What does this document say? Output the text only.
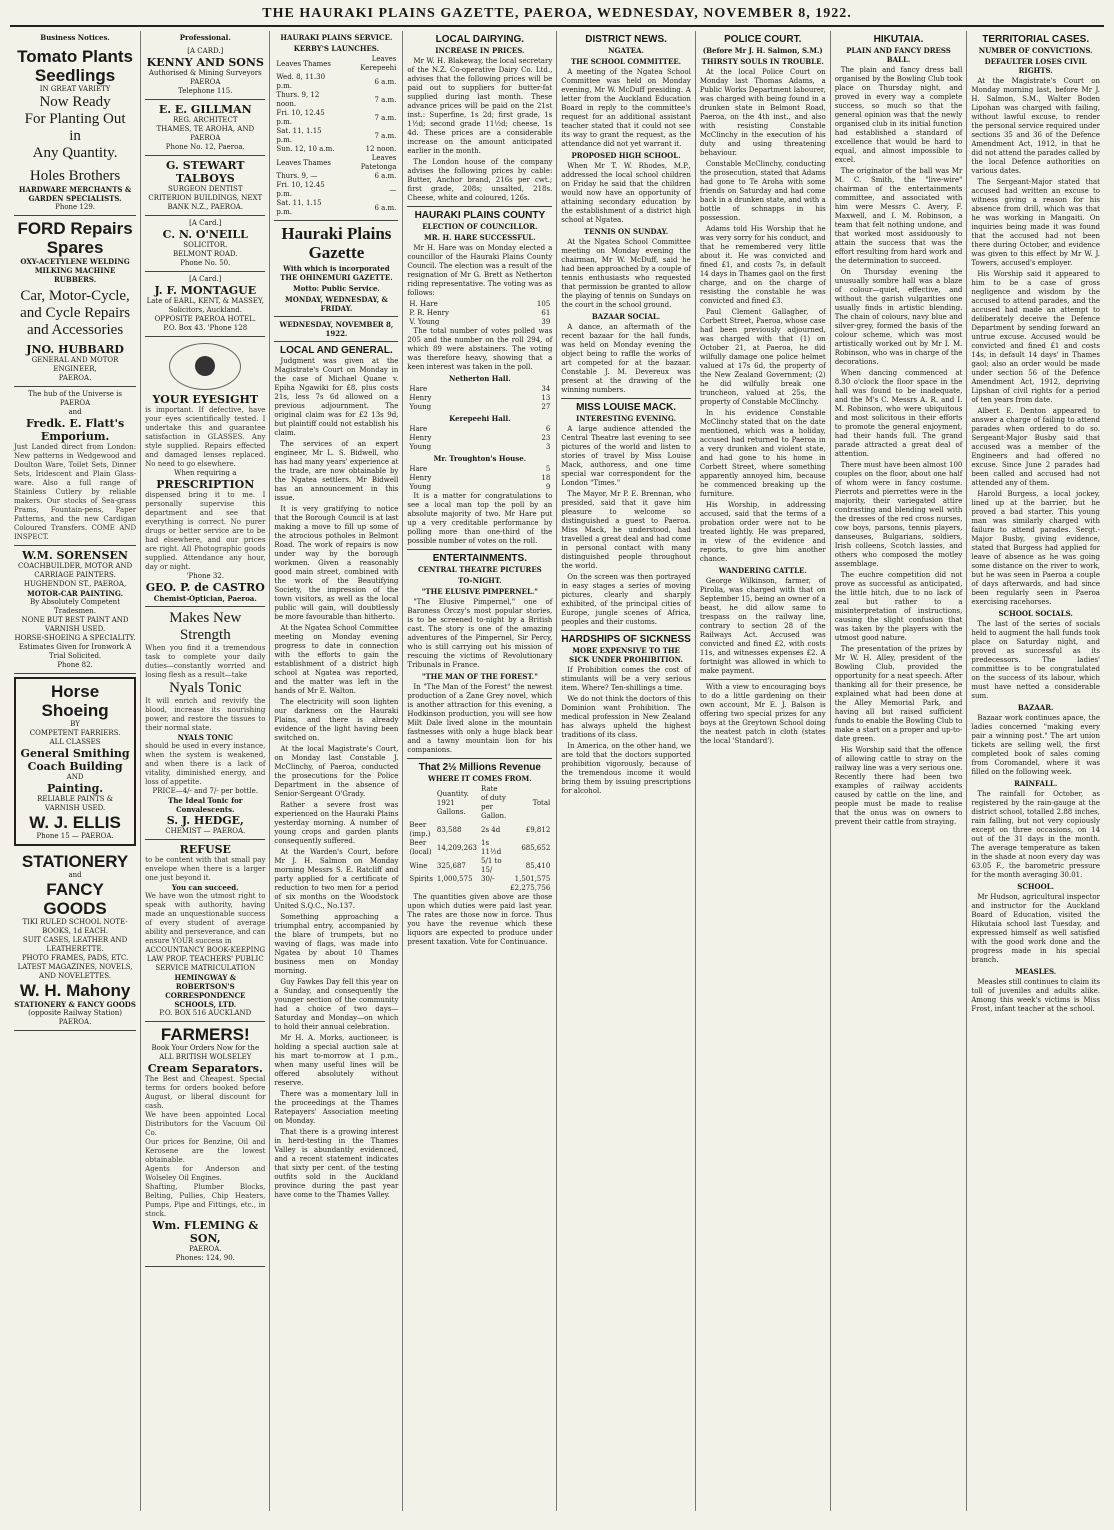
THE HAURAKI PLAINS GAZETTE, PAEROA, WEDNESDAY, NOVEMBER 8, 1922.
Business Notices.
Tomato Plants
Seedlings
IN GREAT VARIETY
Now Ready
For Planting Out
in
Any Quantity.
Holes Brothers
HARDWARE MERCHANTS & GARDEN SPECIALISTS.
Phone 129.
FORD Repairs
Spares
OXY-ACETYLENE WELDING
MILKING MACHINE RUBBERS.
Car, Motor-Cycle, and Cycle Repairs and Accessories
JNO. HUBBARD
GENERAL AND MOTOR ENGINEER,
PAEROA.
The hub of the Universe is
PAEROA
and
Fredk. E. Flatt's
Emporium.
Just Landed direct from London: New patterns in Wedgewood and Doulton Ware, Toilet Sets, Dinner Sets, Iridescent and Plain Glass-ware. Also a full range of Stainless Cutlery by reliable makers. Our stocks of Sea-grass Prams, Fountain-pens, Paper Patterns, and the new Cardigan Coloured Transfers. COME AND INSPECT.
W.M. SORENSEN
COACHBUILDER, MOTOR AND CARRIAGE PAINTERS.
HUGHENDON ST., PAEROA,
MOTOR-CAR PAINTING.
By Absolutely Competent Tradesmen.
NONE BUT BEST PAINT AND VARNISH USED.
HORSE-SHOEING A SPECIALITY.
Estimates Given for Ironwork A Trial Solicited.
Phone 82.
Horse Shoeing
BY
COMPETENT FARRIERS.
ALL CLASSES
General Smithing
Coach Building
AND
Painting.
RELIABLE PAINTS & VARNISH USED.
W. J. ELLIS
Phone 15 — PAEROA.
STATIONERY
and
FANCY GOODS
TIKI RULED SCHOOL NOTE-BOOKS, 1d EACH.
SUIT CASES, LEATHER AND LEATHERETTE.
PHOTO FRAMES, PADS, ETC.
LATEST MAGAZINES, NOVELS, AND NOVELETTES.
W. H. Mahony
STATIONERY & FANCY GOODS
(opposite Railway Station)
PAEROA.
Professional.
[A CARD.]
KENNY AND SONS
Authorised & Mining Surveyors
PAEROA
Telephone 115.
E. E. GILLMAN
REG. ARCHITECT
THAMES, TE AROHA, AND PAEROA
Phone No. 12, Paeroa.
G. STEWART TALBOYS
SURGEON DENTIST
CRITERION BUILDINGS, NEXT BANK N.Z., PAEROA.
[A Card.]
C. N. O'NEILL
SOLICITOR.
BELMONT ROAD.
Phone No. 50.
[A Card.]
J. F. MONTAGUE
Late of EARL, KENT, & MASSEY, Solicitors, Auckland.
OPPOSITE PAEROA HOTEL.
P.O. Box 43. 'Phone 128
YOUR EYESIGHT
is important. If defective, have your eyes scientifically tested. I undertake this and guarantee satisfaction in GLASSES. Any style supplied. Repairs effected and damaged lenses replaced. No need to go elsewhere.
When requiring a
PRESCRIPTION
dispensed bring it to me. I personally supervise this department and see that everything is correct. No purer drugs or better service are to be had elsewhere, and our prices are right. All Photographic goods supplied. Attendance any hour, day or night.
'Phone 32.
GEO. P. de CASTRO
Chemist-Optician, Paeroa.
Makes New
Strength
When you find it a tremendous task to complete your daily duties—constantly worried and losing flesh as a result—take
Nyals Tonic
It will enrich and revivify the blood, increase its nourishing power, and restore the tissues to their normal state.
NYALS TONIC
should be used in every instance, when the system is weakened, and when there is a lack of vitality, diminished energy, and loss of appetite.
PRICE—4/- and 7/- per bottle.
The Ideal Tonic for Convalescents.
S. J. HEDGE,
CHEMIST — PAEROA.
REFUSE
to be content with that small pay envelope when there is a larger one just beyond it.
You can succeed.
We have won the utmost right to speak with authority, having made an unquestionable success of every student of average ability and perseverance, and can ensure YOUR success in
ACCOUNTANCY BOOK-KEEPING LAW PROF. TEACHERS' PUBLIC SERVICE MATRICULATION
HEMINGWAY & ROBERTSON'S CORRESPONDENCE SCHOOLS, LTD.
P.O. BOX 516 AUCKLAND
FARMERS!
Book Your Orders Now for the ALL BRITISH WOLSELEY
Cream Separators.
The Best and Cheapest. Special terms for orders booked before August, or liberal discount for cash.
We have been appointed Local Distributors for the Vacuum Oil Co.
Our prices for Benzine, Oil and Kerosene are the lowest obtainable.
Agents for Anderson and Wolseley Oil Engines.
Shafting, Plumber Blocks, Belting, Pullies, Chip Heaters, Pumps, Pipe and Fittings, etc., in stock.
Wm. FLEMING & SON,
PAEROA.
Phones: 124, 90.
HAURAKI PLAINS SERVICE.
KERBY'S LAUNCHES.
Leaves Thames	Leaves Kerepeehi
Wed. 8, 11.30 p.m.	6 a.m.
Thurs. 9, 12 noon.	7 a.m.
Fri. 10, 12.45 p.m.	7 a.m.
Sat. 11, 1.15 p.m.	7 a.m.
Sun. 12, 10 a.m.	12 noon.
Leaves Thames	Leaves Patetonga
Thurs. 9, —	6 a.m.
Fri. 10, 12.45 p.m.	—
Sat. 11, 1.15 p.m.	6 a.m.
Hauraki Plains Gazette
With which is incorporated THE OHINEMURI GAZETTE.
Motto: Public Service.
MONDAY, WEDNESDAY, & FRIDAY.
WEDNESDAY, NOVEMBER 8, 1922.
LOCAL AND GENERAL.

Judgment was given at the Magistrate's Court on Monday in the case of Michael Quane v. Epiha Ngawiki for £8, plus costs 21s, less 7s 6d allowed on a previous adjournment. The original claim was for £2 13s 9d, but plaintiff could not establish his claim.

The services of an expert engineer, Mr L. S. Bidwell, who has had many years' experience at the trade, are now obtainable by the Ngatea settlers. Mr Bidwell has an announcement in this issue.

It is very gratifying to notice that the Borough Council is at last making a move to fill up some of the atrocious potholes in Belmont Road. The work of repairs is now under way by the borough workmen. Given a reasonably good main street, combined with the work of the Beautifying Society, the impression of the town visitors, as well as the local public will gain, will doubtlessly be more favourable than hitherto.

At the Ngatea School Committee meeting on Monday evening progress to date in connection with the efforts to gain the establishment of a district high school at Ngatea was reported, and the matter was left in the hands of Mr E. Walton.

The electricity will soon lighten our darkness on the Hauraki Plains, and there is already evidence of the light having been switched on.

At the local Magistrate's Court, on Monday last Constable J. McClinchy, of Paeroa, conducted the prosecutions for the Police Department in the absence of Senior-Sergeant O'Grady.

Rather a severe frost was experienced on the Hauraki Plains yesterday morning. A number of young crops and garden plants consequently suffered.

At the Warden's Court, before Mr J. H. Salmon on Monday morning Messrs S. E. Ratcliff and party applied for a certificate of reduction to two men for a period of six months on the Woodstock United S.Q.C., No.137.

Something approaching a triumphal entry, accompanied by the blare of trumpets, but no waving of flags, was made into Ngatea by about 10 Thames business men on Monday morning.

Guy Fawkes Day fell this year on a Sunday, and consequently the younger section of the community had a choice of two days—Saturday and Monday—on which to hold their annual celebration.

Mr H. A. Morks, auctioneer, is holding a special auction sale at his mart to-morrow at 1 p.m., when many useful lines will be offered absolutely without reserve.

There was a momentary lull in the proceedings at the Thames Ratepayers' Association meeting on Monday.

That there is a growing interest in herd-testing in the Thames Valley is abundantly evidenced, and a recent statement indicates that sixty per cent. of the testing outfits sold in the Auckland province during the past year have come to the Thames Valley.

LOCAL DAIRYING.
INCREASE IN PRICES.

Mr W. H. Blakeway, the local secretary of the N.Z. Co-operative Dairy Co. Ltd., advises that the following prices will be paid out to suppliers for butter-fat supplied during last month. These advance prices will be paid on the 21st inst.: Superfine, 1s 2d; first grade, 1s 1½d; second grade 11½d; cheese, 1s 4d. These prices are a considerable increase on the amount anticipated earlier in the month.

The London house of the company advises the following prices by cable: Butter, Anchor brand, 216s per cwt.; first grade, 208s; unsalted, 218s. Cheese, white and coloured, 126s.

HAURAKI PLAINS COUNTY
ELECTION OF COUNCILLOR.
MR. H. HARE SUCCESSFUL.

Mr H. Hare was on Monday elected a councillor of the Hauraki Plains County Council. The election was a result of the resignation of Mr G. Brett as Netherton riding representative. The voting was as follows:

H. Hare	105
P. R. Henry	61
V. Young	39

The total number of votes polled was 205 and the number on the roll 294, of which 89 were abstainers. The voting was therefore heavy, showing that a keen interest was taken in the poll.

Netherton Hall.
Hare	34
Henry	13
Young	27
Kerepeehi Hall.
Hare	6
Henry	23
Young	3
Mr. Troughton's House.
Hare	5
Henry	18
Young	9

It is a matter for congratulations to see a local man top the poll by an absolute majority of two. Mr Hare put up a very creditable performance by polling more than one-third of the possible number of votes on the roll.

ENTERTAINMENTS.
CENTRAL THEATRE PICTURES
TO-NIGHT.
"THE ELUSIVE PIMPERNEL."

"The Elusive Pimpernel," one of Baroness Orczy's most popular stories, is to be screened to-night by a British cast. The story is one of the amazing adventures of the Pimpernel, Sir Percy, who is still carrying out his mission of rescuing the victims of Revolutionary Tribunals in France.

"THE MAN OF THE FOREST."

In "The Man of the Forest" the newest production of a Zane Grey novel, which is another attraction for this evening, a Hodkinson production, you will see how Milt Dale lived alone in the mountain fastnesses with only a huge black bear and a tawny mountain lion for his companions.

That 2½ Millions Revenue
WHERE IT COMES FROM.
	Quantity. 1921 Gallons.	Rate of duty per Gallon.	Total
Beer (imp.)	83,588	2s 4d	£9,812
Beer (local)	14,209,263	1s 11½d	685,652
Wine	325,687	5/1 to 15/	85,410
Spirits	1,000,575	30/-	1,501,575
			£2,275,756

The quantities given above are those upon which duties were paid last year. The rates are those now in force. Thus you have the revenue which these liquors are expected to produce under present taxation. Vote for Continuance.

DISTRICT NEWS.
NGATEA.
THE SCHOOL COMMITTEE.

A meeting of the Ngatea School Committee was held on Monday evening, Mr W. McDuff presiding. A letter from the Auckland Education Board in reply to the committee's request for an additional assistant teacher stated that it could not see its way to grant the request, as the attendance did not yet warrant it.

PROPOSED HIGH SCHOOL.

When Mr T. W. Rhodes, M.P., addressed the local school children on Friday he said that the children would now have an opportunity of attaining secondary education by the establishment of a district high school at Ngatea.

TENNIS ON SUNDAY.

At the Ngatea School Committee meeting on Monday evening the chairman, Mr W. McDuff, said he had been approached by a couple of tennis enthusiasts who requested that permission be granted to allow the playing of tennis on Sundays on the court in the school ground.

BAZAAR SOCIAL.

A dance, an aftermath of the recent bazaar for the hall funds, was held on Monday evening the object being to raffle the works of art competed for at the bazaar. Constable J. M. Devereux was present at the drawing of the winning numbers.

MISS LOUISE MACK.
INTERESTING EVENING.

A large audience attended the Central Theatre last evening to see pictures of the world and listen to stories of travel by Miss Louise Mack, authoress, and one time special war correspondent for the London "Times."

The Mayor, Mr P. E. Brennan, who presided, said that it gave him pleasure to welcome so distinguished a guest to Paeroa. Miss Mack, he understood, had travelled a great deal and had come in personal contact with many distinguished people throughout the world.

On the screen was then portrayed in easy stages a series of moving pictures, clearly and sharply exhibited, of the principal cities of Europe, jungle scenes of Africa, peoples and their customs.

HARDSHIPS OF SICKNESS
MORE EXPENSIVE TO THE SICK UNDER PROHIBITION.

If Prohibition comes the cost of stimulants will be a very serious item. Where? Ten-shillings a time.

We do not think the doctors of this Dominion want Prohibition. The medical profession in New Zealand has always upheld the highest traditions of its class.

In America, on the other hand, we are told that the doctors supported prohibition vigorously, because of the tremendous income it would bring them by issuing prescriptions for alcohol.

POLICE COURT.
(Before Mr J. H. Salmon, S.M.)
THIRSTY SOULS IN TROUBLE.

At the local Police Court on Monday last Thomas Adams, a Public Works Department labourer, was charged with being found in a drunken state in Belmont Road, Paeroa, on the 4th inst., and also with resisting Constable McClinchy in the execution of his duty and using threatening behaviour.

Constable McClinchy, conducting the prosecution, stated that Adams had gone to Te Aroha with some friends on Saturday and had come back in a drunken state, and with a bottle of schnapps in his possession.

Adams told His Worship that he was very sorry for his conduct, and that he remembered very little about it. He was convicted and fined £1, and costs 7s, in default 14 days in Thames gaol on the first charge, and on the charge of resisting the constable he was convicted and fined £3.

Paul Clement Gallagher, of Corbett Street, Paeroa, whose case had been previously adjourned, was charged with that (1) on October 21, at Paeroa, he did wilfully damage one police helmet valued at 17s 6d, the property of the New Zealand Government; (2) he did wilfully break one truncheon, valued at 25s, the property of Constable McClinchy.

In his evidence Constable McClinchy stated that on the date mentioned, which was a holiday, accused had returned to Paeroa in a very drunken and violent state, and had gone to his home in Corbett Street, where something apparently annoyed him, because he commenced breaking up the furniture.

His Worship, in addressing accused, said that the terms of a probation order were not to be treated lightly. He was prepared, in view of the evidence and reports, to give him another chance.

WANDERING CATTLE.

George Wilkinson, farmer, of Pirolia, was charged with that on September 15, being an owner of a beast, he did allow same to trespass on the railway line, contrary to section 28 of the Railways Act. Accused was convicted and fined £2, with costs 11s, and witnesses expenses £2. A fortnight was allowed in which to make payment.

With a view to encouraging boys to do a little gardening on their own account, Mr E. J. Balson is offering two special prizes for any boys at the Greytown School doing the neatest patch in cloth (states the local 'Standard').

HIKUTAIA.
PLAIN AND FANCY DRESS BALL.

The plain and fancy dress ball organised by the Bowling Club took place on Thursday night, and proved in every way a complete success, so much so that the general opinion was that the newly organised club in its initial function had established a standard of excellence that would be hard to equal, and almost impossible to excel.

The originator of the ball was Mr M. C. Smith, the "live-wire" chairman of the entertainments committee, and associated with him were Messrs C. Avery, F. Maxwell, and I. M. Robinson, a team that felt nothing undone, and that worked most assiduously to attain the success that was the effort resulting from hard work and the determination to succeed.

On Thursday evening the unusually sombre hall was a blaze of colour—quiet, effective, and without the garish vulgarities one usually finds in artistic blending. The chain of colours, navy blue and silver-grey, formed the basis of the colour scheme, which was most artistically worked out by Mr I. M. Robinson, who was in charge of the decorations.

When dancing commenced at 8.30 o'clock the floor space in the hall was found to be inadequate, and the M's C. Messrs A. R. and I. M. Robinson, who were ubiquitous and most solicitous in their efforts to promote the general enjoyment, had their hands full. The grand parade attracted a great deal of attention.

There must have been almost 100 couples on the floor, about one half of whom were in fancy costume. Pierrots and pierrettes were in the majority, their variegated attire contrasting and blending well with the dresses of the red cross nurses, cow boys, parsons, tennis players, danseuses, Bulgarians, soldiers, Irish colleens, Scotch lassies, and others who composed the motley assemblage.

The euchre competition did not prove as successful as anticipated, the little hitch, due to no lack of zeal but rather to a misinterpretation of instructions, causing the slight confusion that was taken by the players with the utmost good nature.

The presentation of the prizes by Mr W. H. Alley, president of the Bowling Club, provided the opportunity for a neat speech. After thanking all for their presence, he explained what had been done at the Alley Memorial Park, and having all but raised sufficient funds to enable the Bowling Club to make a start on a proper and up-to-date green.

His Worship said that the offence of allowing cattle to stray on the railway line was a very serious one. Recently there had been two examples of railway accidents caused by cattle on the line, and people must be made to realise that the onus was on owners to prevent their cattle from straying.

TERRITORIAL CASES.
NUMBER OF CONVICTIONS.
DEFAULTER LOSES CIVIL RIGHTS.

At the Magistrate's Court on Monday morning last, before Mr J. H. Salmon, S.M., Walter Boden Lipohan was charged with failing, without lawful excuse, to render the personal service required under sections 35 and 36 of the Defence Amendment Act, 1912, in that he did not attend the parades called by the local Defence authorities on various dates.

The Sergeant-Major stated that accused had written an excuse to witness giving a reason for his absence from drill, which was that he was working in Mangaiti. On inquiries being made it was found that the accused had not been there during October, and evidence was given to this effect by Mr W. J. Towers, accused's employer.

His Worship said it appeared to him to be a case of gross negligence and wisdom by the accused to attend parades, and the accused had made an attempt to deliberately deceive the Defence Department by sending forward an untrue excuse. Accused would be convicted and fined £1 and costs 14s, in default 14 days' in Thames gaol; also an order would be made under section 56 of the Defence Amendment Act, 1912, depriving Lipshan of civil rights for a period of ten years from date.

Albert E. Denton appeared to answer a charge of failing to attend parades when ordered to do so. Sergeant-Major Busby said that accused was a member of the Engineers and had offered no excuse. Since June 2 parades had been called and accused had not attended any of them.

Harold Burgess, a local jockey, lined up at the barrier, but he proved a bad starter. This young man was similarly charged with failure to attend parades. Sergt.-Major Busby, giving evidence, stated that Burgess had applied for leave of absence as he was going some distance on the river to work, but he was seen in Paeroa a couple of days afterwards, and had since been regularly seen in Paeroa exercising racehorses.

SCHOOL SOCIALS.

The last of the series of socials held to augment the hall funds took place on Saturday night, and proved as successful as its predecessors. The ladies' committee is to be congratulated on the success of its labour, which must have netted a considerable sum.

BAZAAR.

Bazaar work continues apace, the ladies concerned "making every pair a winning post." The art union tickets are selling well, the first completed book of sales coming from Coromandel, where it was filled on the following week.

RAINFALL.

The rainfall for October, as registered by the rain-gauge at the district school, totalled 2.88 inches, rain falling, but not very copiously except on three occasions, on 14 out of the 31 days in the month. The average temperature as taken in the shade at noon every day was 63.05 F., the barometric pressure for the month averaging 30.01.

SCHOOL.

Mr Hudson, agricultural inspector and instructor for the Auckland Board of Education, visited the Hikutaia school last Tuesday, and expressed himself as well satisfied with the good work done and the progress made in his special branch.

MEASLES.

Measles still continues to claim its toll of juveniles and adults alike. Among this week's victims is Miss Frost, infant teacher at the school.
